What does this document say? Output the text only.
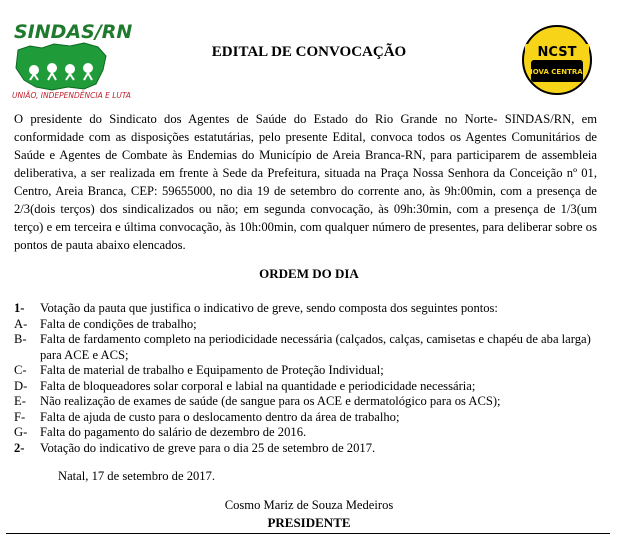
SINDAS/RN
UNIÃO, INDEPENDÊNCIA E LUTA
NCST
NOVA CENTRAL
EDITAL DE CONVOCAÇÃO
O presidente do Sindicato dos Agentes de Saúde do Estado do Rio Grande no Norte- SINDAS/RN, em conformidade com as disposições estatutárias, pelo presente Edital, convoca todos os Agentes Comunitários de Saúde e Agentes de Combate às Endemias do Município de Areia Branca-RN, para participarem de assembleia deliberativa, a ser realizada em frente à Sede da Prefeitura, situada na Praça Nossa Senhora da Conceição nº 01, Centro, Areia Branca, CEP: 59655000, no dia 19 de setembro do corrente ano, às 9h:00min, com a presença de 2/3(dois terços) dos sindicalizados ou não; em segunda convocação, às 09h:30min, com a presença de 1/3(um terço) e em terceira e última convocação, às 10h:00min, com qualquer número de presentes, para deliberar sobre os pontos de pauta abaixo elencados.
ORDEM DO DIA
1-	Votação da pauta que justifica o indicativo de greve, sendo composta dos seguintes pontos:
A-	Falta de condições de trabalho;
B-	Falta de fardamento completo na periodicidade necessária (calçados, calças, camisetas e chapéu de aba larga) para ACE e ACS;
C-	Falta de material de trabalho e Equipamento de Proteção Individual;
D-	Falta de bloqueadores solar corporal e labial na quantidade e periodicidade necessária;
E-	Não realização de exames de saúde (de sangue para os ACE e dermatológico para os ACS);
F-	Falta de ajuda de custo para o deslocamento dentro da área de trabalho;
G-	Falta do pagamento do salário de dezembro de 2016.
2-	Votação do indicativo de greve para o dia 25 de setembro de 2017.
Natal, 17 de setembro de 2017.
Cosmo Mariz de Souza Medeiros
PRESIDENTE
